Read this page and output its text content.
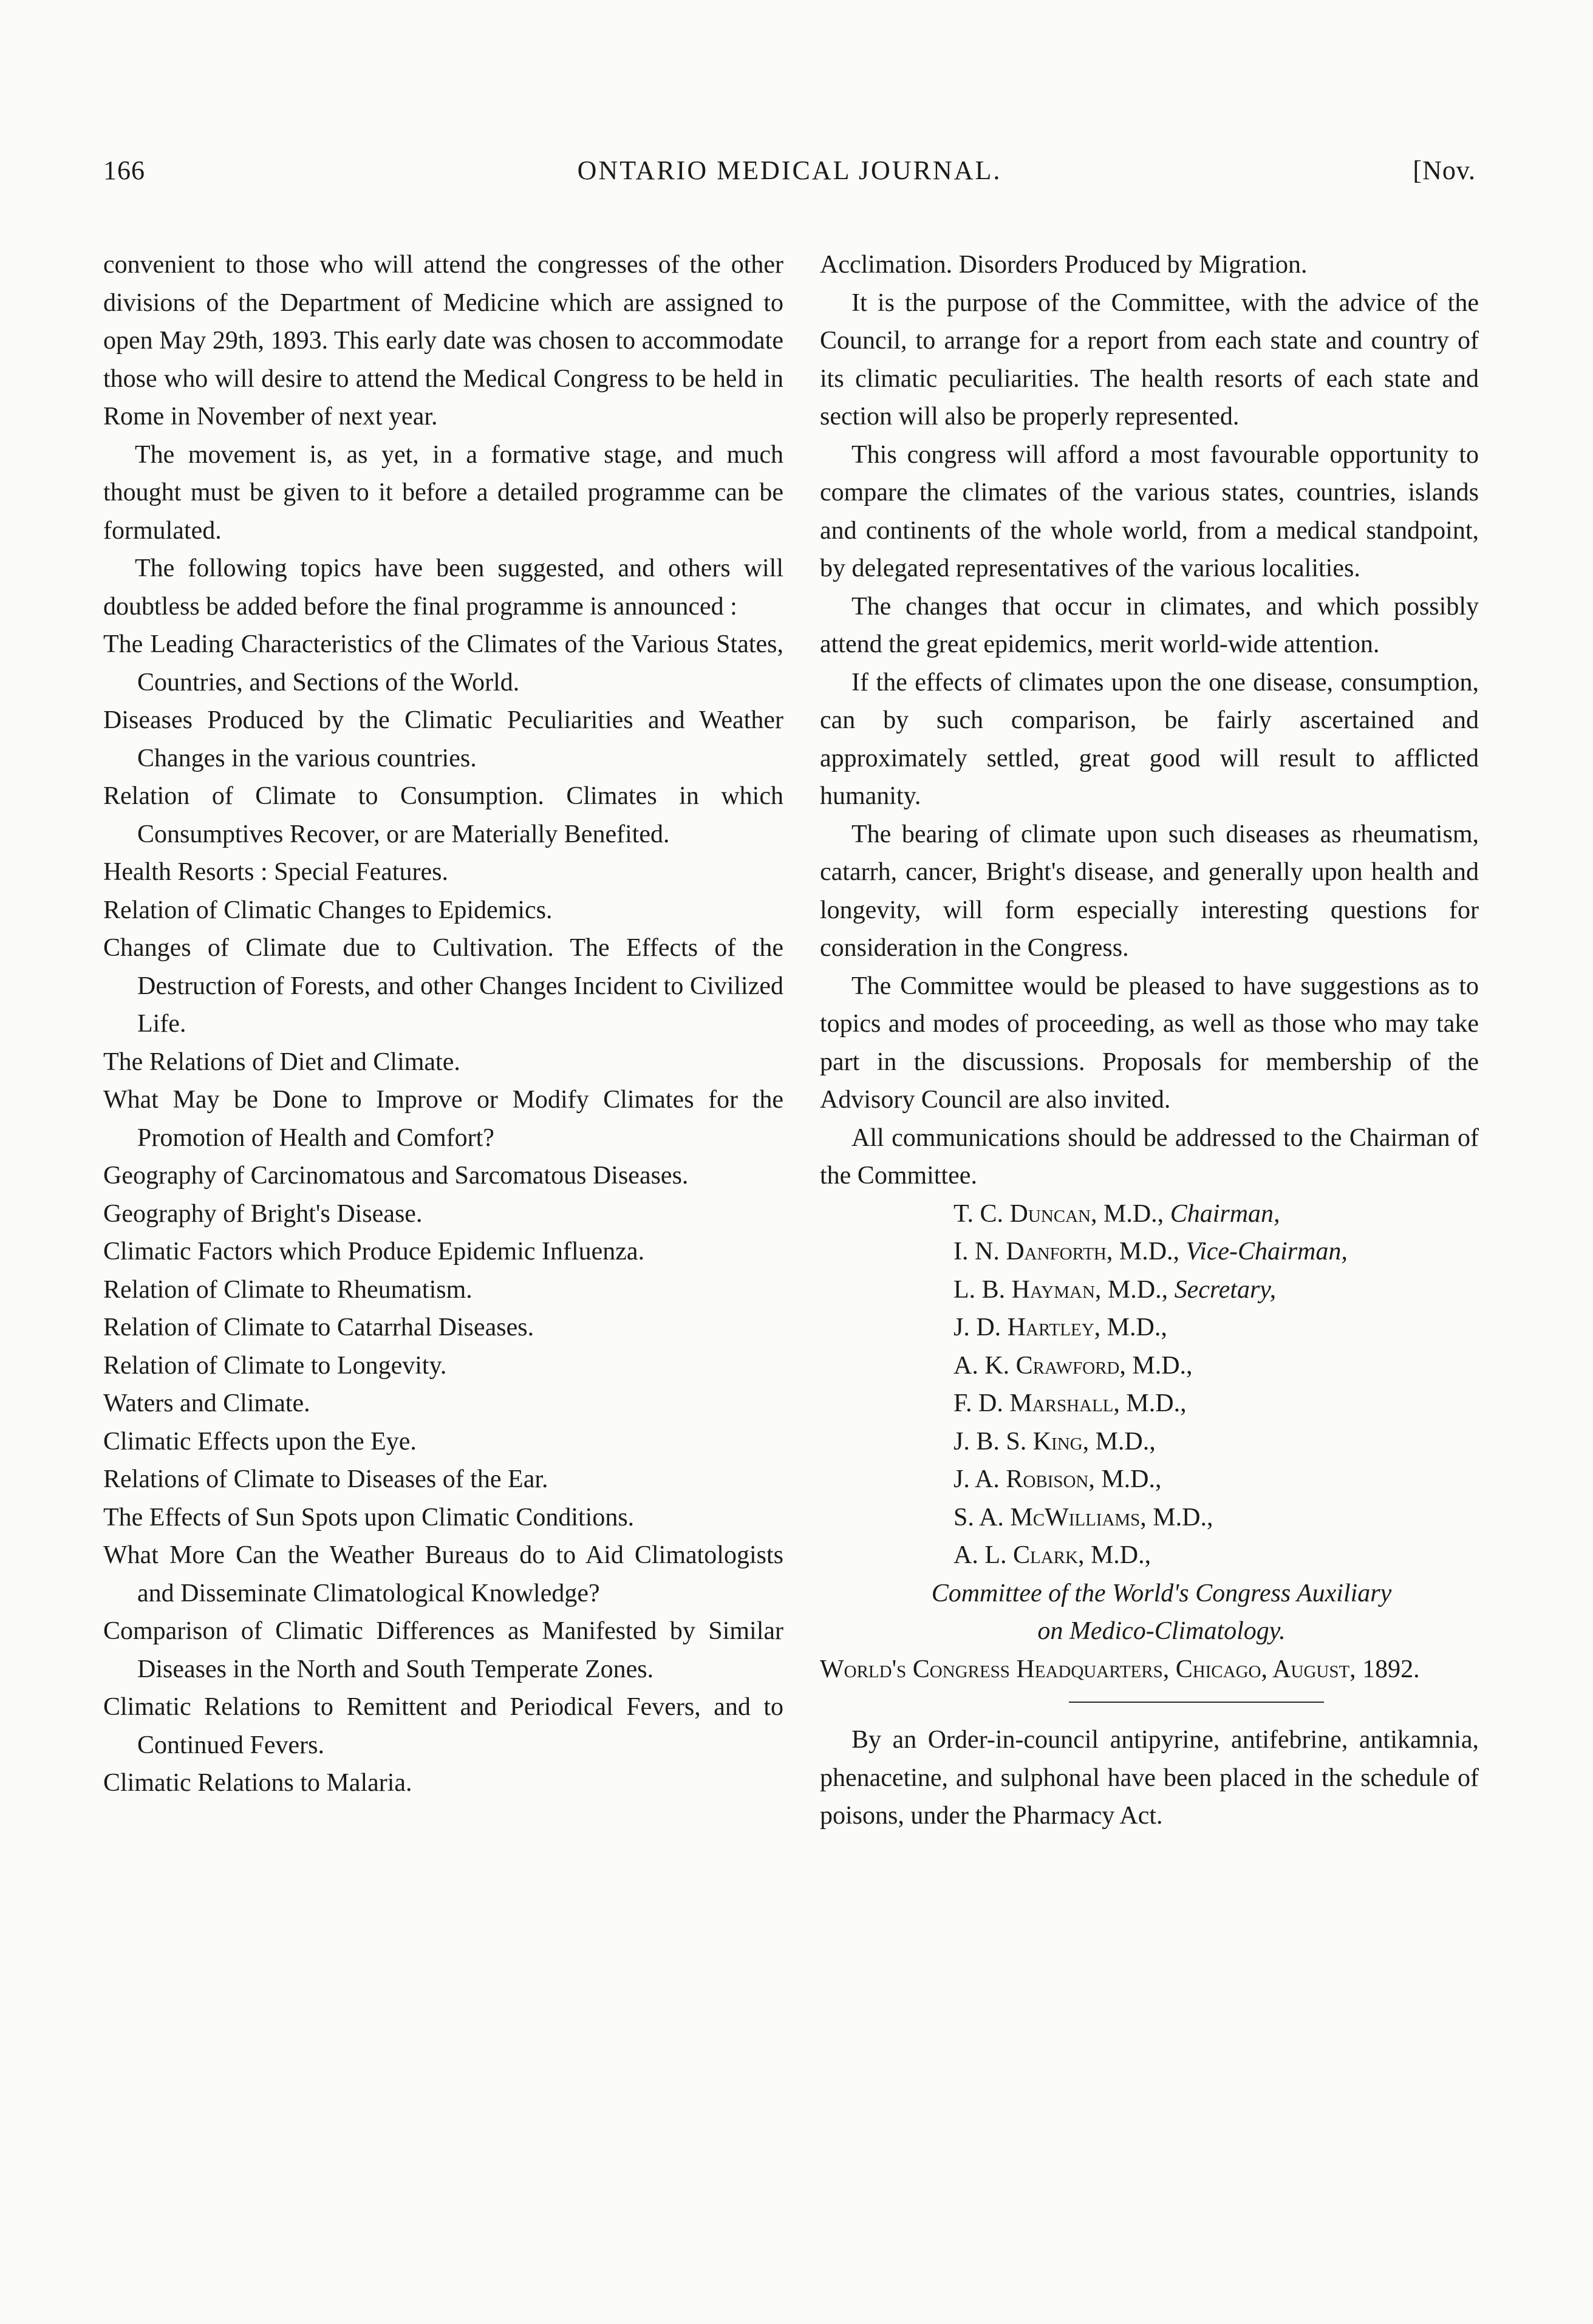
166	ONTARIO MEDICAL JOURNAL.	[Nov.

convenient to those who will attend the congresses of the other divisions of the Department of Medicine which are assigned to open May 29th, 1893. This early date was chosen to accommodate those who will desire to attend the Medical Congress to be held in Rome in November of next year.

The movement is, as yet, in a formative stage, and much thought must be given to it before a detailed programme can be formulated.

The following topics have been suggested, and others will doubtless be added before the final programme is announced :

The Leading Characteristics of the Climates of the Various States, Countries, and Sections of the World.

Diseases Produced by the Climatic Peculiarities and Weather Changes in the various countries.

Relation of Climate to Consumption. Climates in which Consumptives Recover, or are Materially Benefited.

Health Resorts : Special Features.

Relation of Climatic Changes to Epidemics.

Changes of Climate due to Cultivation. The Effects of the Destruction of Forests, and other Changes Incident to Civilized Life.

The Relations of Diet and Climate.

What May be Done to Improve or Modify Climates for the Promotion of Health and Comfort?

Geography of Carcinomatous and Sarcomatous Diseases.

Geography of Bright's Disease.

Climatic Factors which Produce Epidemic Influenza.

Relation of Climate to Rheumatism.

Relation of Climate to Catarrhal Diseases.

Relation of Climate to Longevity.

Waters and Climate.

Climatic Effects upon the Eye.

Relations of Climate to Diseases of the Ear.

The Effects of Sun Spots upon Climatic Conditions.

What More Can the Weather Bureaus do to Aid Climatologists and Disseminate Climatological Knowledge?

Comparison of Climatic Differences as Manifested by Similar Diseases in the North and South Temperate Zones.

Climatic Relations to Remittent and Periodical Fevers, and to Continued Fevers.

Climatic Relations to Malaria.

Acclimation. Disorders Produced by Migration.

It is the purpose of the Committee, with the advice of the Council, to arrange for a report from each state and country of its climatic peculiarities. The health resorts of each state and section will also be properly represented.

This congress will afford a most favourable opportunity to compare the climates of the various states, countries, islands and continents of the whole world, from a medical standpoint, by delegated representatives of the various localities.

The changes that occur in climates, and which possibly attend the great epidemics, merit world-wide attention.

If the effects of climates upon the one disease, consumption, can by such comparison, be fairly ascertained and approximately settled, great good will result to afflicted humanity.

The bearing of climate upon such diseases as rheumatism, catarrh, cancer, Bright's disease, and generally upon health and longevity, will form especially interesting questions for consideration in the Congress.

The Committee would be pleased to have suggestions as to topics and modes of proceeding, as well as those who may take part in the discussions. Proposals for membership of the Advisory Council are also invited.

All communications should be addressed to the Chairman of the Committee.

T. C. Duncan, M.D., Chairman,

I. N. Danforth, M.D., Vice-Chairman,

L. B. Hayman, M.D., Secretary,

J. D. Hartley, M.D.,

A. K. Crawford, M.D.,

F. D. Marshall, M.D.,

J. B. S. King, M.D.,

J. A. Robison, M.D.,

S. A. McWilliams, M.D.,

A. L. Clark, M.D.,

Committee of the World's Congress Auxiliary

on Medico-Climatology.

World's Congress Headquarters, Chicago, August, 1892.

By an Order-in-council antipyrine, antifebrine, antikamnia, phenacetine, and sulphonal have been placed in the schedule of poisons, under the Pharmacy Act.
